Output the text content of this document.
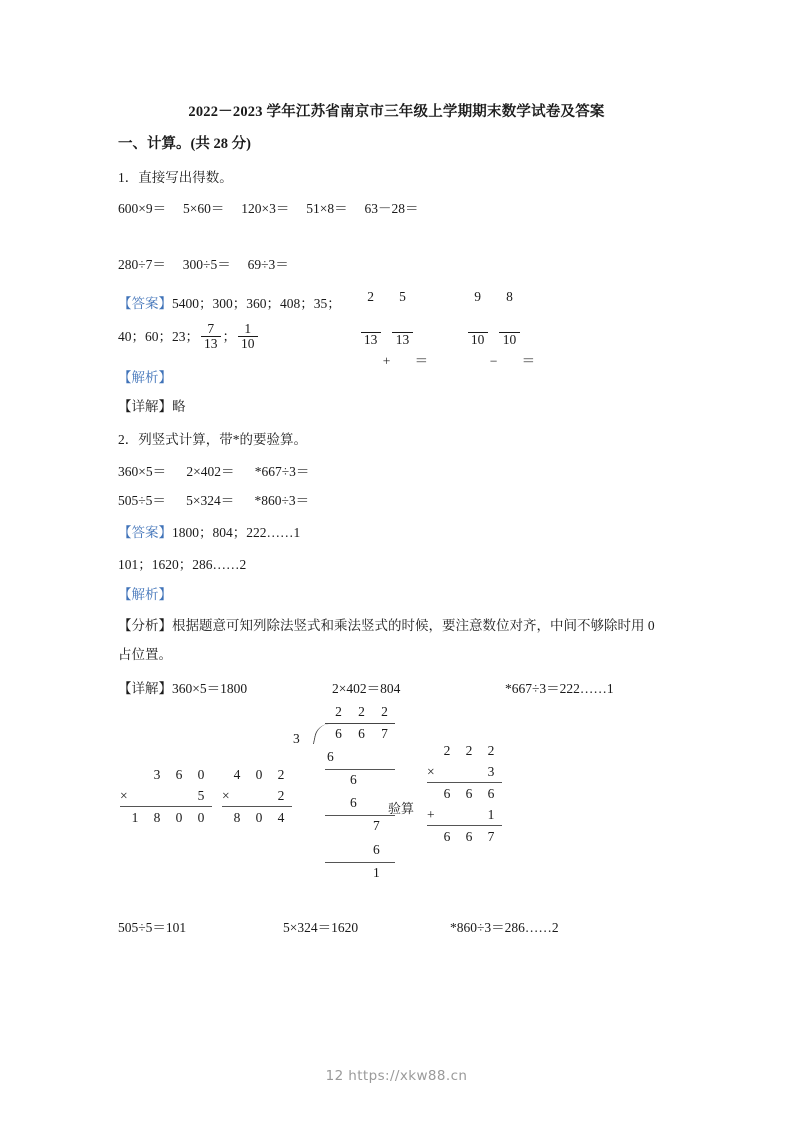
2022－2023 学年江苏省南京市三年级上学期期末数学试卷及答案
一、计算。(共 28 分)
1．直接写出得数。
600×9＝     5×60＝     120×3＝     51×8＝     63－28＝
280÷7＝     300÷5＝     69÷3＝

	$\frac{2}{13}$ +
$\frac{5}{13}$ ＝

	$\frac{9}{10}$ −
$\frac{8}{10}$ ＝

【答案】5400；300；360；408；35；
40；60；23； $\frac{7}{13}$ ； $\frac{1}{10}$
【解析】
【详解】略
2．列竖式计算，带*的要验算。
360×5＝      2×402＝      *667÷3＝
505÷5＝      5×324＝      *860÷3＝
【答案】1800；804；222……1
101；1620；286……2
【解析】
【分析】根据题意可知列除法竖式和乘法竖式的时候，要注意数位对齐，中间不够除时用 0
占位置。
【详解】360×5＝1800	2×402＝804	*667÷3＝222……1
3	6	0
×	5
1	8	0	0
4	0	2
×	2
8	0	4
3
2 2 2
6 6 7
6
6
6
7
6
1
验算
2	2	2
×	3
6	6	6
+	1
6	6	7
505÷5＝101	5×324＝1620	*860÷3＝286……2
12 https://xkw88.cn
